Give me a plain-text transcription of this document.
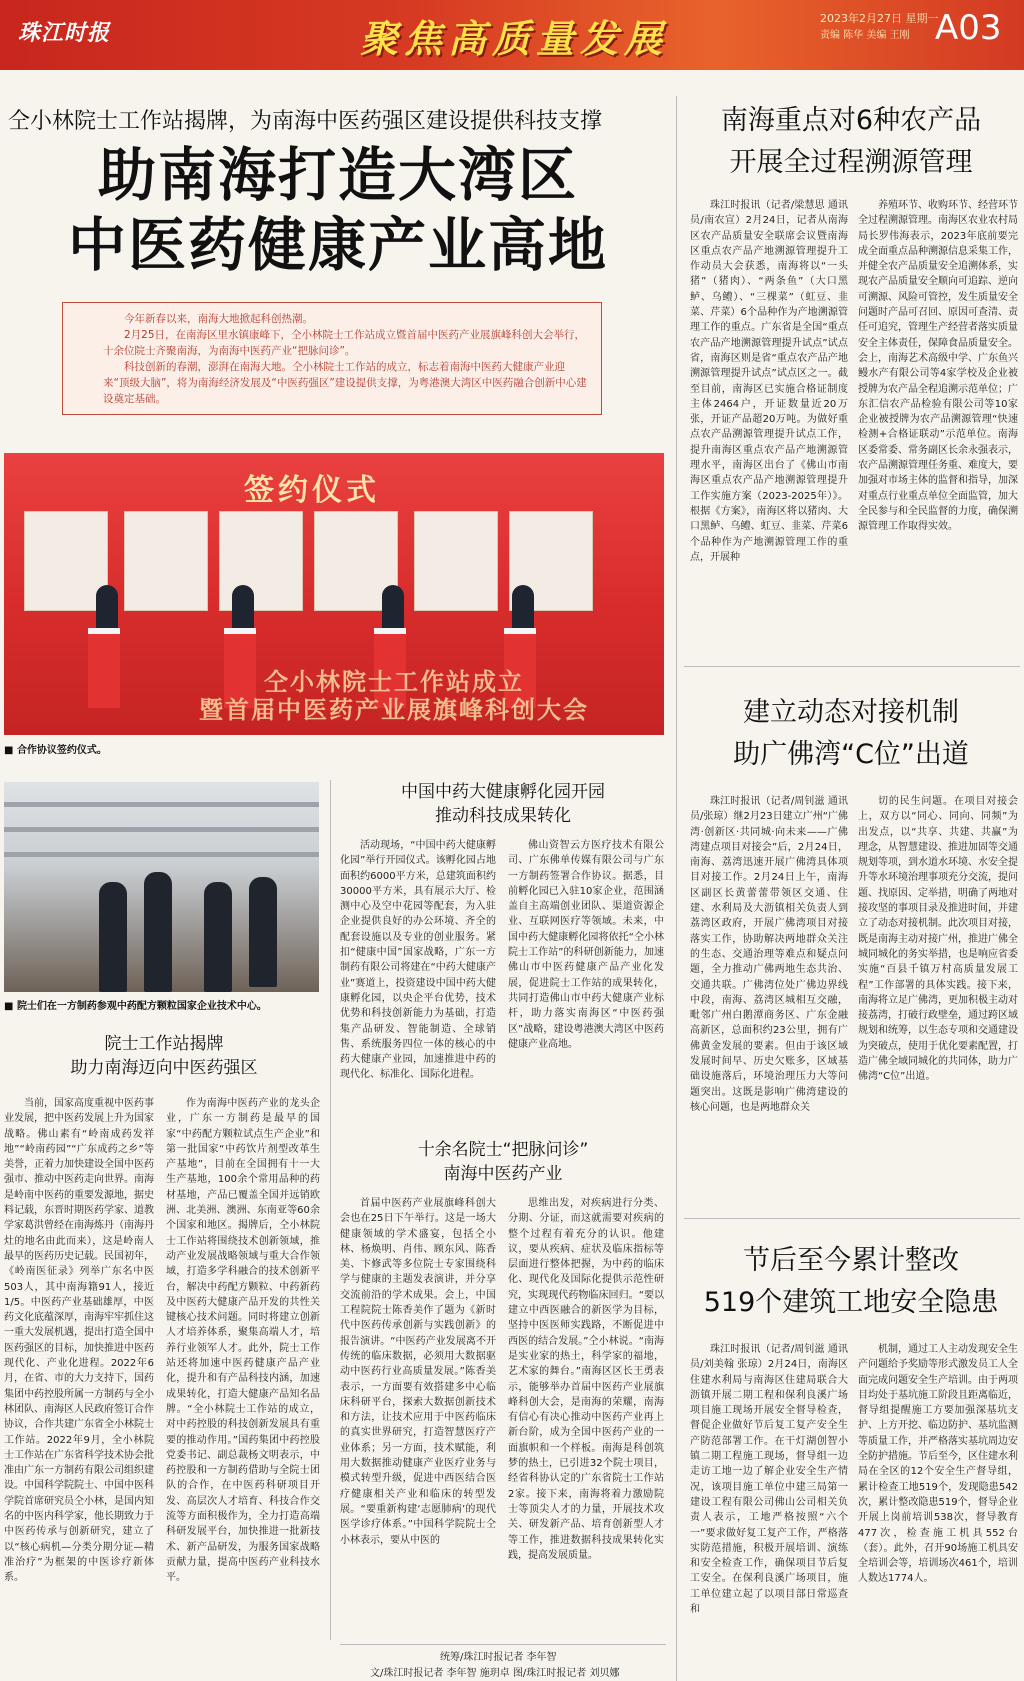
珠江时报	聚焦高质量发展	2023年2月27日 星期一
责编 陈华 美编 王刚 A03
仝小林院士工作站揭牌，为南海中医药强区建设提供科技支撑
助南海打造大湾区
中医药健康产业高地

今年新春以来，南海大地掀起科创热潮。

2月25日，在南海区里水镇康峰下，仝小林院士工作站成立暨首届中医药产业展旗峰科创大会举行，十余位院士齐聚南海，为南海中医药产业“把脉问诊”。

科技创新的春潮，澎湃在南海大地。仝小林院士工作站的成立，标志着南海中医药大健康产业迎来“顶级大脑”，将为南海经济发展及“中医药强区”建设提供支撑，为粤港澳大湾区中医药融合创新中心建设奠定基础。

签约仪式
仝小林院士工作站成立
暨首届中医药产业展旗峰科创大会
■ 合作协议签约仪式。
■ 院士们在一方制药参观中药配方颗粒国家企业技术中心。
院士工作站揭牌
助力南海迈向中医药强区

当前，国家高度重视中医药事业发展，把中医药发展上升为国家战略。佛山素有“岭南成药发祥地”“岭南药园”“广东成药之乡”等美誉，正着力加快建设全国中医药强市、推动中医药走向世界。南海是岭南中医药的重要发源地，据史料记载，东晋时期医药学家、道教学家葛洪曾经在南海炼丹（南海丹灶的地名由此而来），这是岭南人最早的医药历史记载。民国初年，《岭南医征录》列举广东名中医503人，其中南海籍91人，接近1/5。中医药产业基础雄厚，中医药文化底蕴深厚，南海牢牢抓住这一重大发展机遇，提出打造全国中医药强区的目标，加快推进中医药现代化、产业化进程。2022年6月，在省、市的大力支持下，国药集团中药控股所属一方制药与全小林团队、南海区人民政府签订合作协议，合作共建广东省全小林院士工作站。2022年9月，全小林院士工作站在广东省科学技术协会批准由广东一方制药有限公司组织建设。中国科学院院士、中国中医科学院首席研究员仝小林，是国内知名的中医内科学家，他长期致力于中医药传承与创新研究，建立了以“核心病机—分类分期分证—精准治疗”为框架的中医诊疗新体系。

作为南海中医药产业的龙头企业，广东一方制药是最早的国家“中药配方颗粒试点生产企业”和第一批国家“中药饮片剂型改革生产基地”，目前在全国拥有十一大生产基地，100余个常用品种的药材基地，产品已覆盖全国并远销欧洲、北美洲、澳洲、东南亚等60余个国家和地区。揭牌后，仝小林院士工作站将围绕技术创新领域，推动产业发展战略领域与重大合作领域，打造多学科融合的技术创新平台，解决中药配方颗粒、中药新药及中医药大健康产品开发的共性关键核心技术问题。同时将建立创新人才培养体系，聚集高端人才，培养行业领军人才。此外，院士工作站还将加速中医药健康产品产业化，提升和有产品科技内涵，加速成果转化，打造大健康产品知名品牌。“全小林院士工作站的成立，对中药控股的科技创新发展具有重要的推动作用。”国药集团中药控股党委书记、副总裁杨文明表示，中药控股和一方制药借助与全院士团队的合作，在中医药科研项目开发、高层次人才培育、科技合作交流等方面积极作为，全力打造高端科研发展平台，加快推进一批新技术、新产品研发，为服务国家战略贡献力量，提高中医药产业科技水平。

中国中药大健康孵化园开园
推动科技成果转化

活动现场，“中国中药大健康孵化园”举行开园仪式。该孵化园占地面积约6000平方米，总建筑面积约30000平方米，具有展示大厅、检测中心及空中花园等配套，为入驻企业提供良好的办公环境、齐全的配套设施以及专业的创业服务。紧扣“健康中国”国家战略，广东一方制药有限公司将建在“中药大健康产业”赛道上，投资建设中国中药大健康孵化园，以央企平台优势，技术优势和科技创新能力为基础，打造集产品研发、智能制造、全球销售、系统服务四位一体的核心的中药大健康产业园，加速推进中药的现代化、标准化、国际化进程。

佛山资智云方医疗技术有限公司、广东佛单传媒有限公司与广东一方制药签署合作协议。据悉，目前孵化园已入驻10家企业，范围涵盖自主高端创业团队、渠道资源企业、互联网医疗等领域。未来，中国中药大健康孵化园将依托“仝小林院士工作站”的科研创新能力，加速佛山市中医药健康产品产业化发展，促进院士工作站的成果转化，共同打造佛山市中药大健康产业标杆，助力落实南海区“中医药强区”战略，建设粤港澳大湾区中医药健康产业高地。

十余名院士“把脉问诊”
南海中医药产业

首届中医药产业展旗峰科创大会也在25日下午举行。这是一场大健康领域的学术盛宴，包括仝小林、杨焕明、肖伟、顾东风、陈香美、卞修武等多位院士专家围绕科学与健康的主题发表演讲，并分享交流前沿的学术成果。会上，中国工程院院士陈香美作了题为《新时代中医药传承创新与实践创新》的报告演讲。“中医药产业发展离不开传统的临床数据，必须用大数据驱动中医药行业高质量发展。”陈香美表示，一方面要有效搭建多中心临床科研平台，探索大数据创新技术和方法，让技术应用于中医药临床的真实世界研究，打造智慧医疗产业体系；另一方面，技术赋能，利用大数据推动健康产业医疗业务与模式转型升级，促进中西医结合医疗健康相关产业和临床的转型发展。“要重新构建‘志愿肺病’的现代医学诊疗体系。”中国科学院院士仝小林表示，要从中医的

思维出发，对疾病进行分类、分期、分证，而这就需要对疾病的整个过程有着充分的认识。他建议，要从疾病、症状及临床指标等层面进行整体把握，为中药的临床化、现代化及国际化提供示范性研究，实现现代药物临床回归。“要以建立中西医融合的新医学为目标，坚持中医医师实践路，不断促进中西医的结合发展。”仝小林说。“南海是实业家的热土，科学家的福地，艺术家的舞台。”南海区区长王勇表示，能够举办首届中医药产业展旗峰科创大会，是南海的荣耀，南海有信心有决心推动中医药产业再上新台阶，成为全国中医药产业的一面旗帜和一个样板。南海是科创筑梦的热土，已引进32个院士项目，经省科协认定的广东省院士工作站2家。接下来，南海将着力激励院士等顶尖人才的力量，开展技术攻关、研发新产品、培育创新型人才等工作，推进数据科技成果转化实践，提高发展质量。

统筹/珠江时报记者 李年智
文/珠江时报记者 李年智 施玥卓 图/珠江时报记者 刘贝娜
南海重点对6种农产品
开展全过程溯源管理

珠江时报讯（记者/梁慧思 通讯员/南农宣）2月24日，记者从南海区农产品质量安全联席会议暨南海区重点农产品产地溯源管理提升工作动员大会获悉，南海将以“一头猪”（猪肉）、“两条鱼”（大口黑鲈、乌鳢）、“三棵菜”（虹豆、韭菜、芹菜）6个品种作为产地溯源管理工作的重点。广东省是全国“重点农产品产地溯源管理提升试点”试点省，南海区则是省“重点农产品产地溯源管理提升试点”试点区之一。截至目前，南海区已实施合格证制度主体2464户，开证数量近20万张，开证产品超20万吨。为做好重点农产品溯源管理提升试点工作，提升南海区重点农产品产地溯源管理水平，南海区出台了《佛山市南海区重点农产品产地溯源管理提升工作实施方案（2023-2025年）》。根据《方案》，南海区将以猪肉、大口黑鲈、乌鳢、虹豆、韭菜、芹菜6个品种作为产地溯源管理工作的重点，开展种

养殖环节、收购环节、经营环节全过程溯源管理。南海区农业农村局局长罗伟海表示，2023年底前要完成全面重点品种溯源信息采集工作，并健全农产品质量安全追溯体系，实现农产品质量安全顺向可追踪、逆向可溯源、风险可管控，发生质量安全问题时产品可召回、原因可查清、责任可追究，管理生产经营者落实质量安全主体责任，保障食品质量安全。会上，南海艺术高级中学、广东鱼兴鳗水产有限公司等4家学校及企业被授牌为农产品全程追溯示范单位；广东汇信农产品检验有限公司等10家企业被授牌为农产品溯源管理“快速检测+合格证联动”示范单位。南海区委常委、常务副区长余永强表示，农产品溯源管理任务重、难度大，要加强对市场主体的监督和指导，加深对重点行业重点单位全面监管，加大全民参与和全民监督的力度，确保溯源管理工作取得实效。

建立动态对接机制
助广佛湾“C位”出道

珠江时报讯（记者/周钊滋 通讯员/张琼）继2月23日建立广州“广佛湾·创新区·共同城·向未来——广佛湾建点项目对接会”后，2月24日，南海、荔湾迅速开展广佛湾具体项目对接工作。2月24日上午，南海区副区长黄蕾蕾带领区交通、住建、水利局及大沥镇相关负责人到荔湾区政府，开展广佛湾项目对接落实工作，协助解决两地群众关注的生态、交通治理等难点和疑点问题，全力推动广佛两地生态共治、交通共联。广佛湾位处广佛边界线中段，南海、荔湾区城相互交融，毗邻广州白鹅潭商务区、广东金融高新区，总面积约23公里，拥有广佛黄金发展的要素。但由于该区域发展时间早、历史欠账多，区域基础设施落后，环境治理压力大等问题突出。这既是影响广佛湾建设的核心问题，也是两地群众关

切的民生问题。在项目对接会上，双方以“同心、同向、同频”为出发点，以“共享、共建、共赢”为理念，从智慧建设、推进加固等交通规划等项，到水道水环境、水安全提升等水环境治理事项充分交流，提问题、找原因、定举措，明确了两地对接攻坚的事项目录及推进时间，并建立了动态对接机制。此次项目对接，既是南海主动对接广州，推进广佛全城同城化的务实举措，也是响应省委实施“百县千镇万村高质量发展工程”工作部署的具体实践。接下来，南海将立足广佛湾，更加积极主动对接荔湾，打破行政壁垒，通过跨区域规划和统筹，以生态专项和交通建设为突破点，使用于优化要素配置，打造广佛全域同城化的共同体，助力广佛湾“C位”出道。

节后至今累计整改
519个建筑工地安全隐患

珠江时报讯（记者/周钊滋 通讯员/刘美翰 张琼）2月24日，南海区住建水利局与南海区住建局联合大沥镇开展二期工程和保利良溪广场项目施工现场开展安全督导检查，督促企业做好节后复工复产安全生产防范部署工作。在干灯湖创智小镇二期工程施工现场，督导组一边走访工地一边了解企业安全生产情况，该项目施工单位中建三局第一建设工程有限公司佛山公司相关负责人表示，工地严格按照“六个一”要求做好复工复产工作，严格落实防范措施，积极开展培训、演练和安全检查工作，确保项目节后复工安全。在保利良溪广场项目，施工单位建立起了以项目部日常巡查和

机制，通过工人主动发现安全生产问题给予奖励等形式激发员工人全面完成问题安全生产培训。由于两项目均处于基坑施工阶段且距离临近，督导组提醒施工方要加强深基坑支护、上方开挖、临边防护、基坑监测等质量工作，并严格落实基坑周边安全防护措施。节后至今，区住建水利局在全区的12个安全生产督导组，累计检查工地519个，发现隐患542次，累计整改隐患519个，督导企业开展上岗前培训538次，督导教育477次，检查施工机具552台（套）。此外，召开90场施工机具安全培训会等，培训场次461个，培训人数达1774人。
